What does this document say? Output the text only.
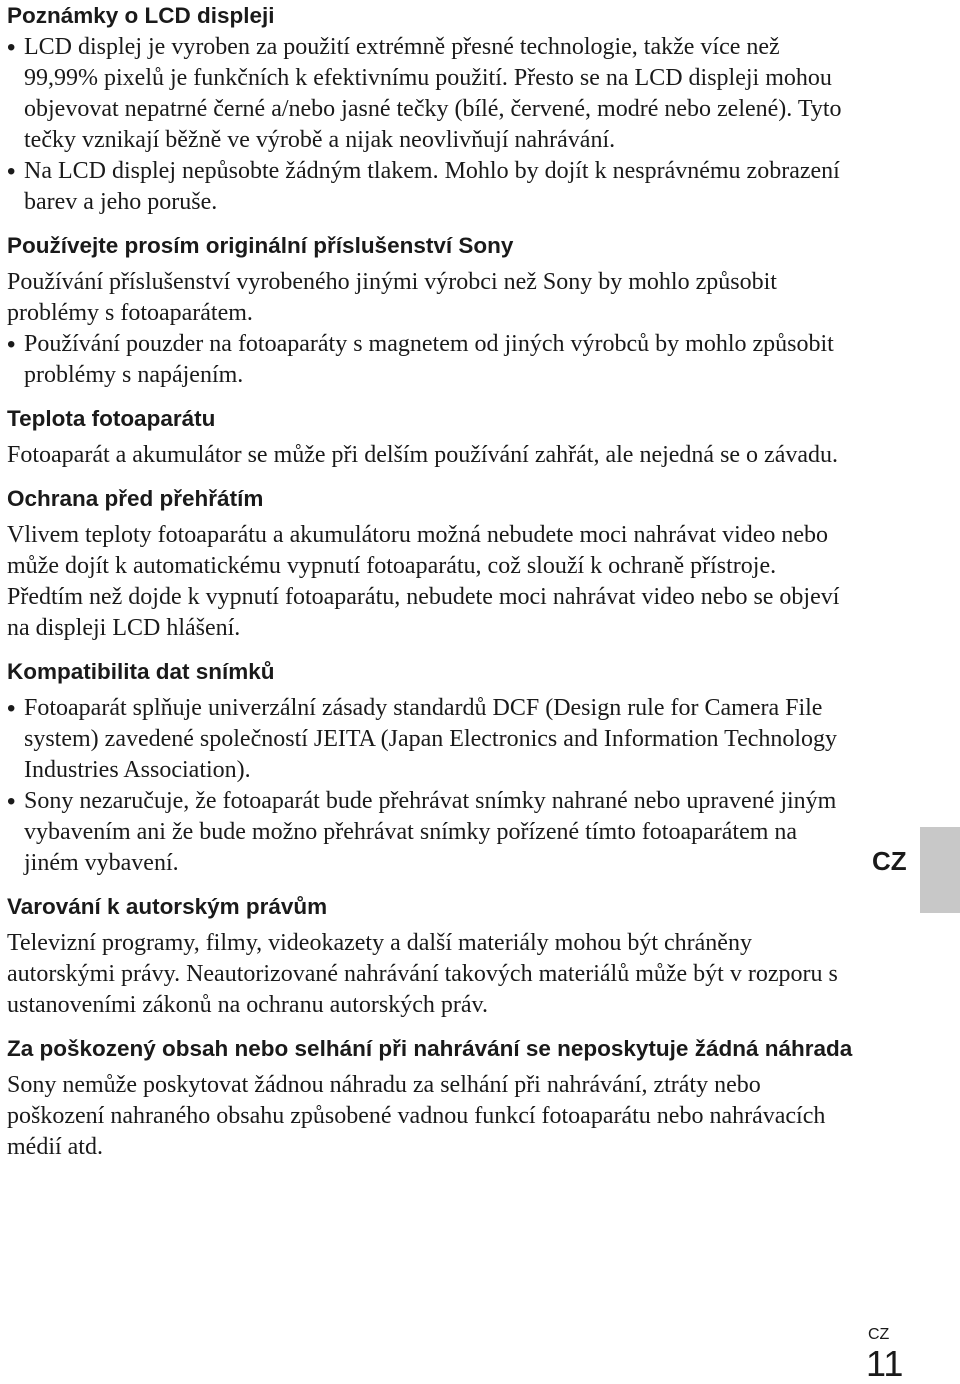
Poznámky o LCD displeji
• LCD displej je vyroben za použití extrémně přesné technologie, takže více než 99,99% pixelů je funkčních k efektivnímu použití. Přesto se na LCD displeji mohou objevovat nepatrné černé a/nebo jasné tečky (bílé, červené, modré nebo zelené). Tyto tečky vznikají běžně ve výrobě a nijak neovlivňují nahrávání.
• Na LCD displej nepůsobte žádným tlakem. Mohlo by dojít k nesprávnému zobrazení barev a jeho poruše.
Používejte prosím originální příslušenství Sony

Používání příslušenství vyrobeného jinými výrobci než Sony by mohlo způsobit problémy s fotoaparátem.

• Používání pouzder na fotoaparáty s magnetem od jiných výrobců by mohlo způsobit problémy s napájením.
Teplota fotoaparátu

Fotoaparát a akumulátor se může při delším používání zahřát, ale nejedná se o závadu.

Ochrana před přehřátím

Vlivem teploty fotoaparátu a akumulátoru možná nebudete moci nahrávat video nebo může dojít k automatickému vypnutí fotoaparátu, což slouží k ochraně přístroje.

Předtím než dojde k vypnutí fotoaparátu, nebudete moci nahrávat video nebo se objeví na displeji LCD hlášení.

Kompatibilita dat snímků
• Fotoaparát splňuje univerzální zásady standardů DCF (Design rule for Camera File system) zavedené společností JEITA (Japan Electronics and Information Technology Industries Association).
• Sony nezaručuje, že fotoaparát bude přehrávat snímky nahrané nebo upravené jiným vybavením ani že bude možno přehrávat snímky pořízené tímto fotoaparátem na jiném vybavení.
Varování k autorským právům

Televizní programy, filmy, videokazety a další materiály mohou být chráněny autorskými právy. Neautorizované nahrávání takových materiálů může být v rozporu s ustanoveními zákonů na ochranu autorských práv.

Za poškozený obsah nebo selhání při nahrávání se neposkytuje žádná náhrada

Sony nemůže poskytovat žádnou náhradu za selhání při nahrávání, ztráty nebo poškození nahraného obsahu způsobené vadnou funkcí fotoaparátu nebo nahrávacích médií atd.

CZ
CZ
11
